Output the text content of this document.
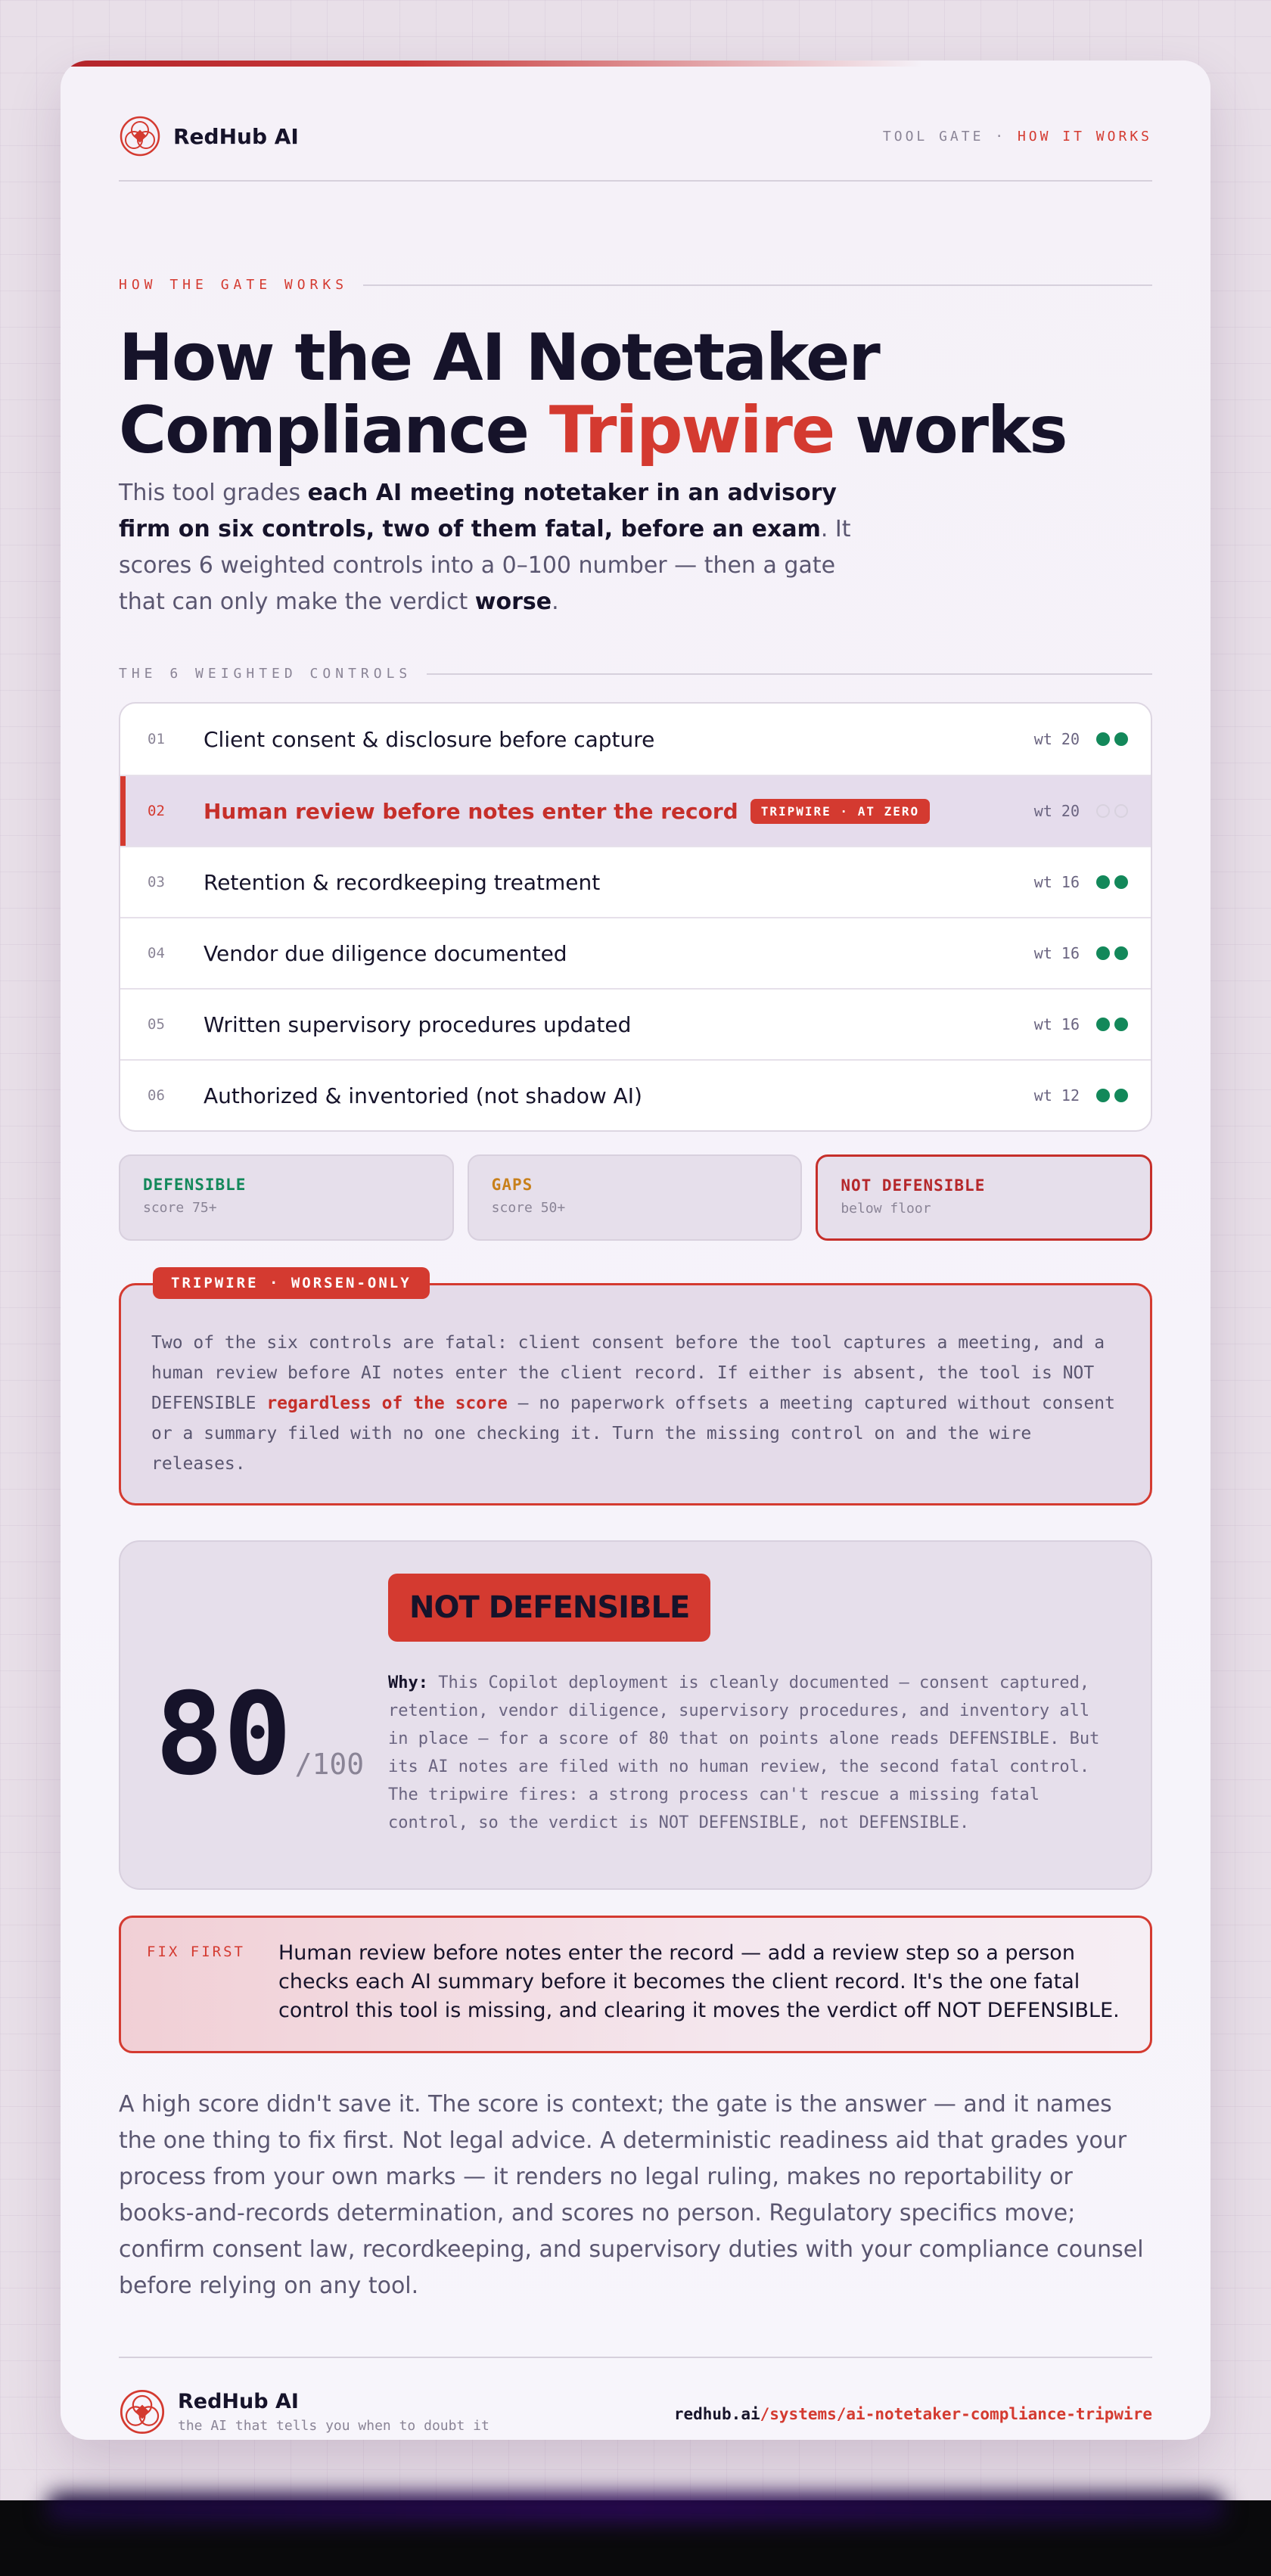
RedHub AI	TOOL GATE · HOW IT WORKS
HOW THE GATE WORKS
How the AI Notetaker
Compliance Tripwire works

This tool grades each AI meeting notetaker in an advisory firm on six controls, two of them fatal, before an exam. It scores 6 weighted controls into a 0–100 number — then a gate that can only make the verdict worse.

THE 6 WEIGHTED CONTROLS
01	Client consent & disclosure before capture	wt 20
02	Human review before notes enter the record	TRIPWIRE · AT ZERO	wt 20
03	Retention & recordkeeping treatment	wt 16
04	Vendor due diligence documented	wt 16
05	Written supervisory procedures updated	wt 16
06	Authorized & inventoried (not shadow AI)	wt 12
DEFENSIBLE
score 75+
GAPS
score 50+
NOT DEFENSIBLE
below floor
TRIPWIRE · WORSEN-ONLY

Two of the six controls are fatal: client consent before the tool captures a meeting, and a human review before AI notes enter the client record. If either is absent, the tool is NOT DEFENSIBLE regardless of the score — no paperwork offsets a meeting captured without consent or a summary filed with no one checking it. Turn the missing control on and the wire releases.

80 /100
NOT DEFENSIBLE

Why: This Copilot deployment is cleanly documented — consent captured, retention, vendor diligence, supervisory procedures, and inventory all in place — for a score of 80 that on points alone reads DEFENSIBLE. But its AI notes are filed with no human review, the second fatal control. The tripwire fires: a strong process can't rescue a missing fatal control, so the verdict is NOT DEFENSIBLE, not DEFENSIBLE.

FIX FIRST	Human review before notes enter the record — add a review step so a person checks each AI summary before it becomes the client record. It's the one fatal control this tool is missing, and clearing it moves the verdict off NOT DEFENSIBLE.

A high score didn't save it. The score is context; the gate is the answer — and it names the one thing to fix first. Not legal advice. A deterministic readiness aid that grades your process from your own marks — it renders no legal ruling, makes no reportability or books-and-records determination, and scores no person. Regulatory specifics move; confirm consent law, recordkeeping, and supervisory duties with your compliance counsel before relying on any tool.

RedHub AI
the AI that tells you when to doubt it
redhub.ai/systems/ai-notetaker-compliance-tripwire
